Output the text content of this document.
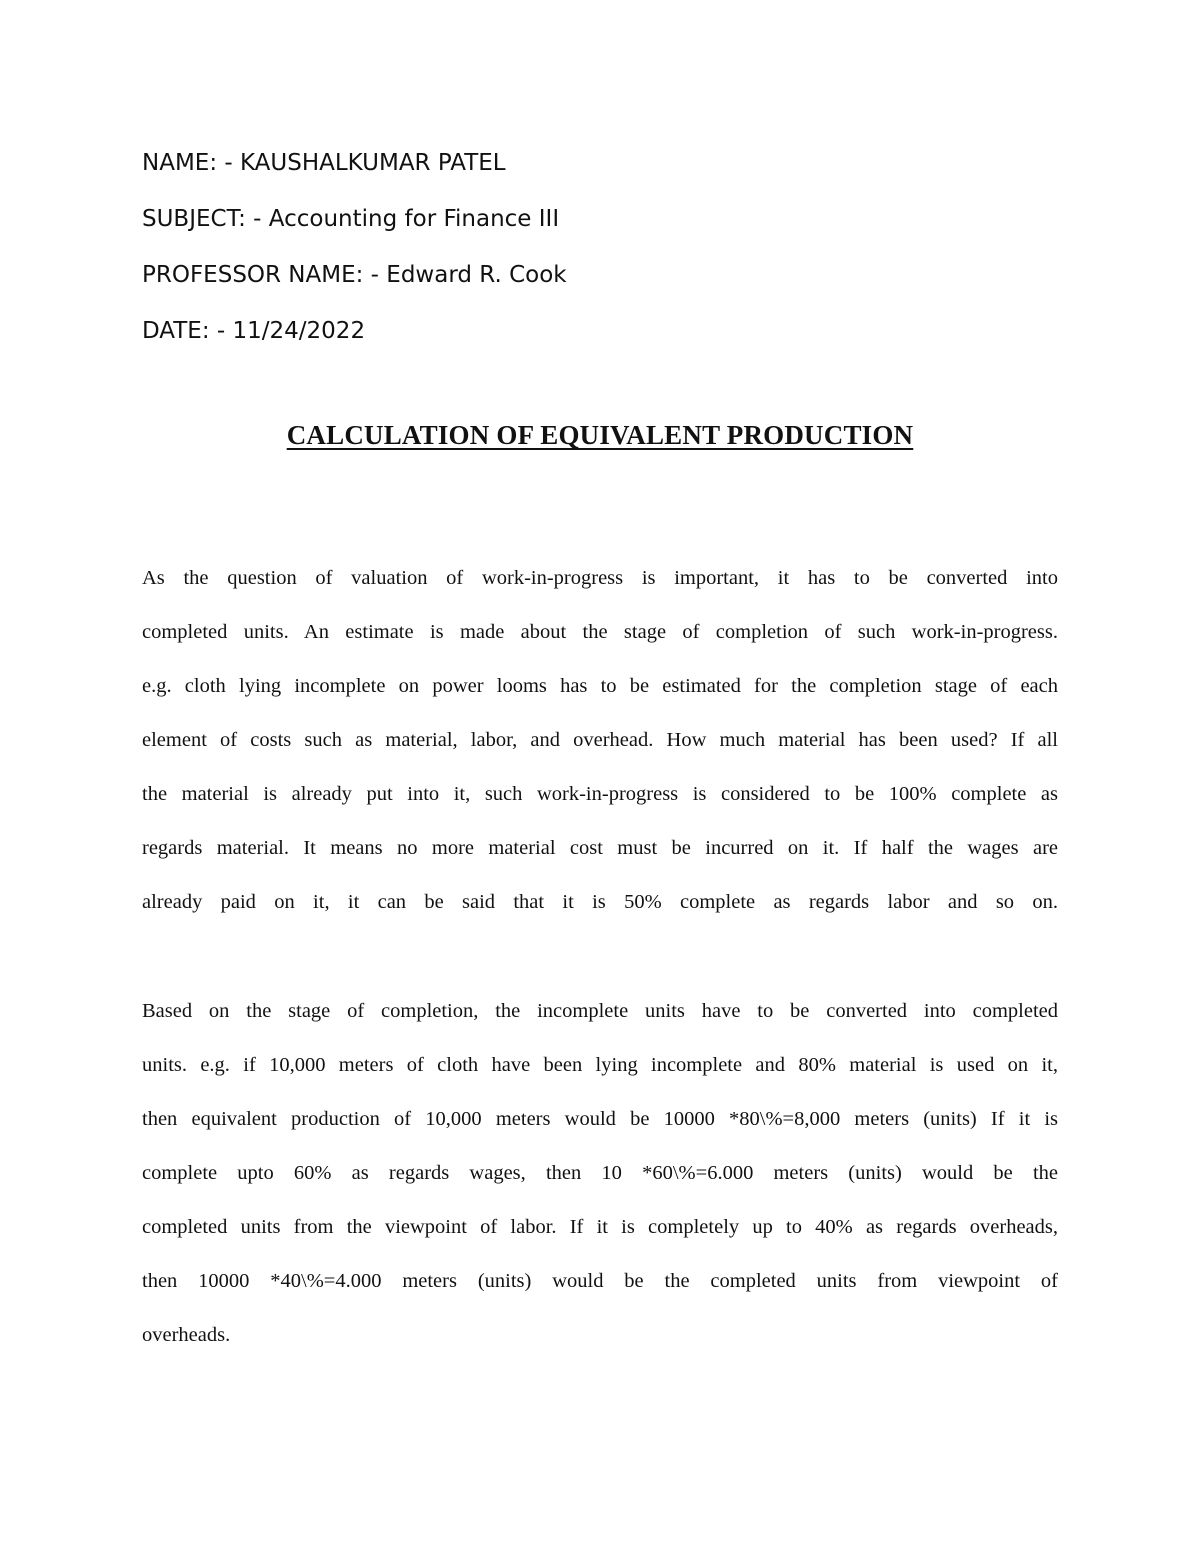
NAME: - KAUSHALKUMAR PATEL
SUBJECT: - Accounting for Finance III
PROFESSOR NAME: - Edward R. Cook
DATE: - 11/24/2022
CALCULATION OF EQUIVALENT PRODUCTION
As the question of valuation of work-in-progress is important, it has to be converted into
completed units. An estimate is made about the stage of completion of such work-in-progress.
e.g. cloth lying incomplete on power looms has to be estimated for the completion stage of each
element of costs such as material, labor, and overhead. How much material has been used? If all
the material is already put into it, such work-in-progress is considered to be 100% complete as
regards material. It means no more material cost must be incurred on it. If half the wages are
already paid on it, it can be said that it is 50% complete as regards labor and so on.
Based on the stage of completion, the incomplete units have to be converted into completed
units. e.g. if 10,000 meters of cloth have been lying incomplete and 80% material is used on it,
then equivalent production of 10,000 meters would be 10000 *80\%=8,000 meters (units) If it is
complete upto 60% as regards wages, then 10 *60\%=6.000 meters (units) would be the
completed units from the viewpoint of labor. If it is completely up to 40% as regards overheads,
then 10000 *40\%=4.000 meters (units) would be the completed units from viewpoint of
overheads.
